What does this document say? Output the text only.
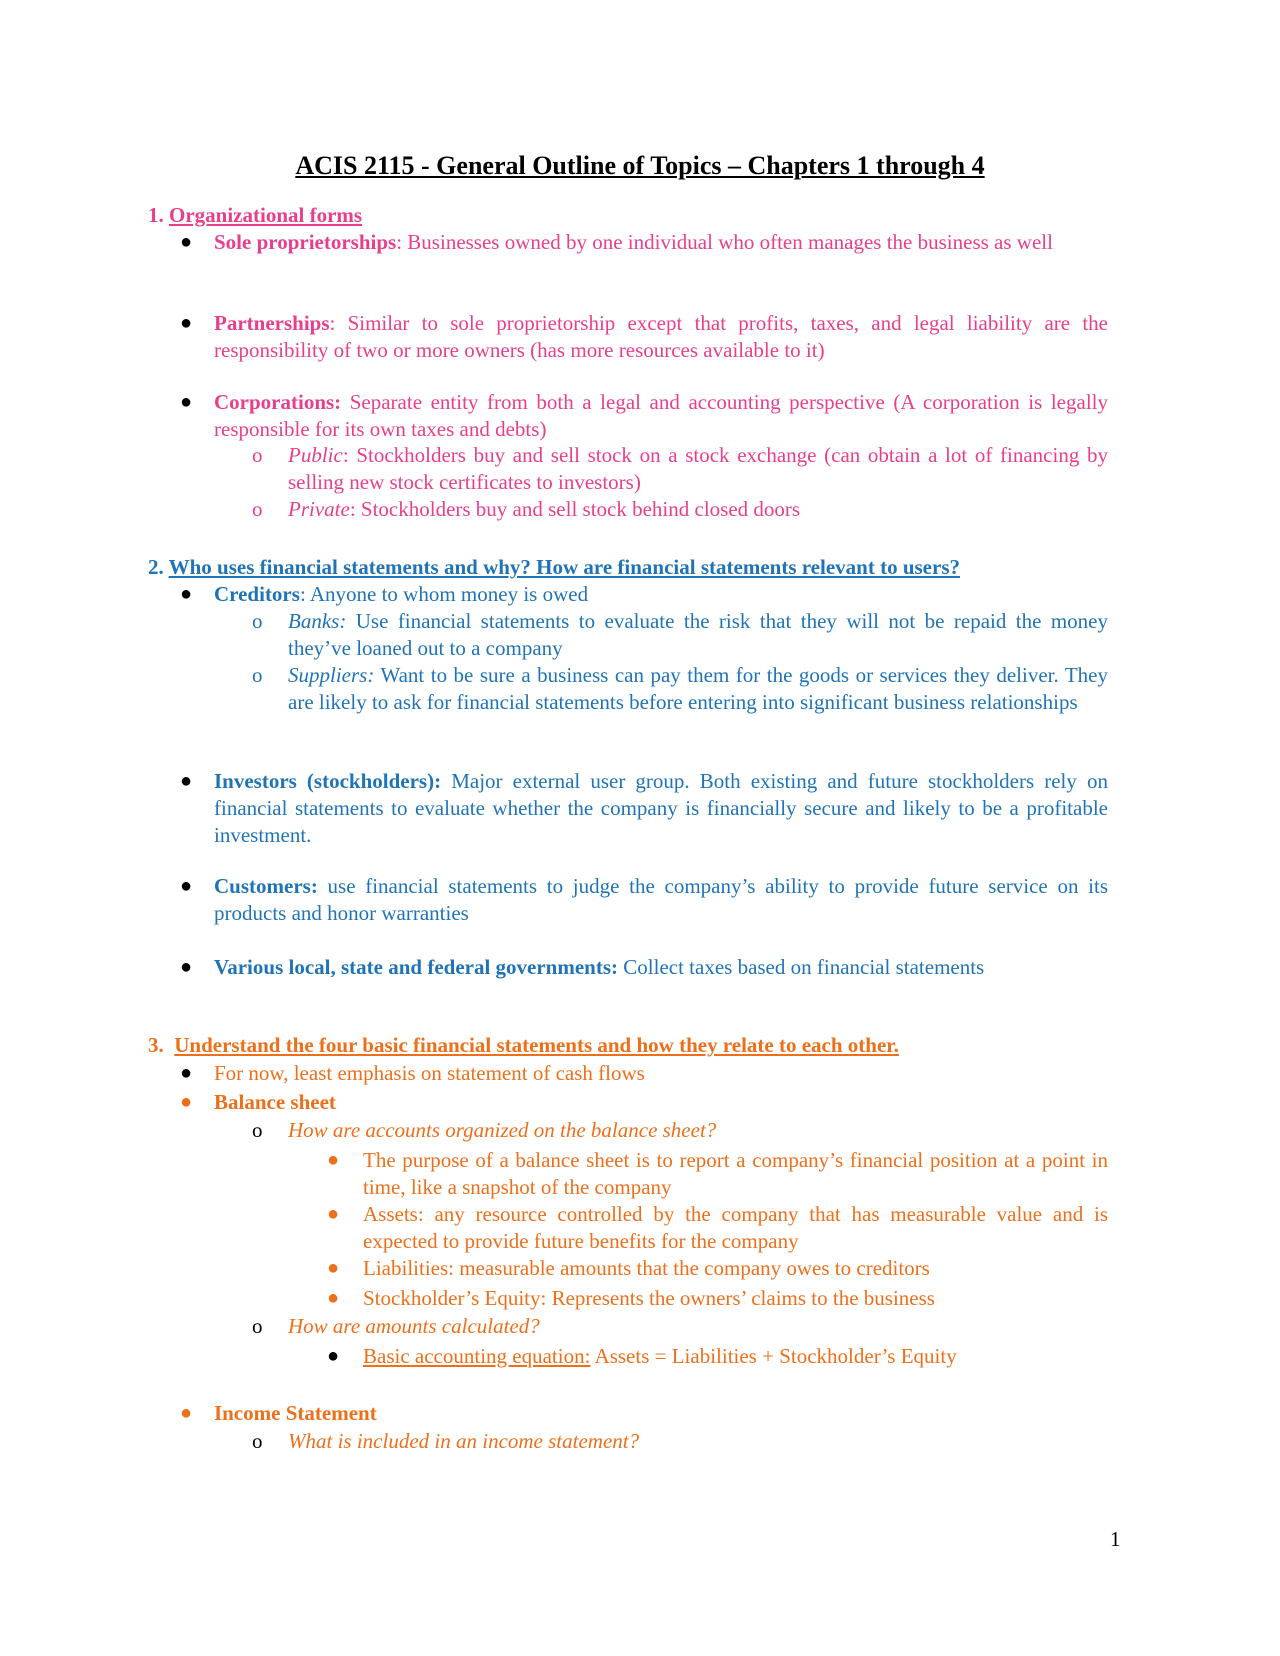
ACIS 2115 - General Outline of Topics – Chapters 1 through 4
1. Organizational forms
● Sole proprietorships: Businesses owned by one individual who often manages the business as well
● Partnerships: Similar to sole proprietorship except that profits, taxes, and legal liability are the responsibility of two or more owners (has more resources available to it)
● Corporations: Separate entity from both a legal and accounting perspective (A corporation is legally responsible for its own taxes and debts)
o Public: Stockholders buy and sell stock on a stock exchange (can obtain a lot of financing by selling new stock certificates to investors)
o Private: Stockholders buy and sell stock behind closed doors
2. Who uses financial statements and why? How are financial statements relevant to users?
● Creditors: Anyone to whom money is owed
o Banks: Use financial statements to evaluate the risk that they will not be repaid the money they’ve loaned out to a company
o Suppliers: Want to be sure a business can pay them for the goods or services they deliver. They are likely to ask for financial statements before entering into significant business relationships
● Investors (stockholders): Major external user group. Both existing and future stockholders rely on financial statements to evaluate whether the company is financially secure and likely to be a profitable investment.
● Customers: use financial statements to judge the company’s ability to provide future service on its products and honor warranties
● Various local, state and federal governments: Collect taxes based on financial statements
3. Understand the four basic financial statements and how they relate to each other.
● For now, least emphasis on statement of cash flows
● Balance sheet
o How are accounts organized on the balance sheet?
● The purpose of a balance sheet is to report a company’s financial position at a point in time, like a snapshot of the company
● Assets: any resource controlled by the company that has measurable value and is expected to provide future benefits for the company
● Liabilities: measurable amounts that the company owes to creditors
● Stockholder’s Equity: Represents the owners’ claims to the business
o How are amounts calculated?
● Basic accounting equation: Assets = Liabilities + Stockholder’s Equity
● Income Statement
o What is included in an income statement?
1
